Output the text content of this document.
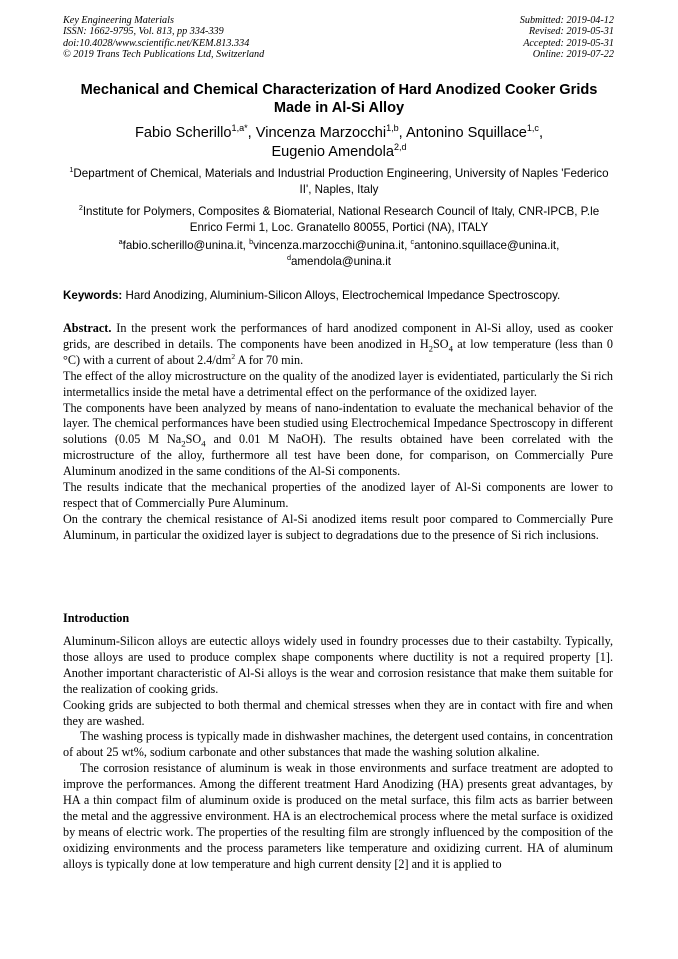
Key Engineering Materials
ISSN: 1662-9795, Vol. 813, pp 334-339
doi:10.4028/www.scientific.net/KEM.813.334
© 2019 Trans Tech Publications Ltd, Switzerland
Submitted: 2019-04-12
Revised: 2019-05-31
Accepted: 2019-05-31
Online: 2019-07-22
Mechanical and Chemical Characterization of Hard Anodized Cooker Grids Made in Al-Si Alloy
Fabio Scherillo$^{1,a*}$, Vincenza Marzocchi$^{1,b}$, Antonino Squillace$^{1,c}$,
Eugenio Amendola$^{2,d}$
$^1$Department of Chemical, Materials and Industrial Production Engineering, University of Naples 'Federico II', Naples, Italy
$^2$Institute for Polymers, Composites & Biomaterial, National Research Council of Italy, CNR-IPCB, P.le Enrico Fermi 1, Loc. Granatello 80055, Portici (NA), ITALY
$^a$fabio.scherillo@unina.it, $^b$vincenza.marzocchi@unina.it, $^c$antonino.squillace@unina.it,
$^d$amendola@unina.it
Keywords: Hard Anodizing, Aluminium-Silicon Alloys, Electrochemical Impedance Spectroscopy.

Abstract. In the present work the performances of hard anodized component in Al-Si alloy, used as cooker grids, are described in details. The components have been anodized in $H_2SO_4$ at low temperature (less than 0 °C) with a current of about $2.4/dm^2$ A for 70 min.

The effect of the alloy microstructure on the quality of the anodized layer is evidentiated, particularly the Si rich intermetallics inside the metal have a detrimental effect on the performance of the oxidized layer.

The components have been analyzed by means of nano-indentation to evaluate the mechanical behavior of the layer. The chemical performances have been studied using Electrochemical Impedance Spectroscopy in different solutions (0.05 M $Na_2SO_4$ and 0.01 M NaOH). The results obtained have been correlated with the microstructure of the alloy, furthermore all test have been done, for comparison, on Commercially Pure Aluminum anodized in the same conditions of the Al-Si components.

The results indicate that the mechanical properties of the anodized layer of Al-Si components are lower to respect that of Commercially Pure Aluminum.

On the contrary the chemical resistance of Al-Si anodized items result poor compared to Commercially Pure Aluminum, in particular the oxidized layer is subject to degradations due to the presence of Si rich inclusions.

Introduction

Aluminum-Silicon alloys are eutectic alloys widely used in foundry processes due to their castabilty. Typically, those alloys are used to produce complex shape components where ductility is not a required property [1]. Another important characteristic of Al-Si alloys is the wear and corrosion resistance that make them suitable for the realization of cooking grids.

Cooking grids are subjected to both thermal and chemical stresses when they are in contact with fire and when they are washed.

The washing process is typically made in dishwasher machines, the detergent used contains, in concentration of about 25 wt%, sodium carbonate and other substances that made the washing solution alkaline.

The corrosion resistance of aluminum is weak in those environments and surface treatment are adopted to improve the performances. Among the different treatment Hard Anodizing (HA) presents great advantages, by HA a thin compact film of aluminum oxide is produced on the metal surface, this film acts as barrier between the metal and the aggressive environment. HA is an electrochemical process where the metal surface is oxidized by means of electric work. The properties of the resulting film are strongly influenced by the composition of the oxidizing environments and the process parameters like temperature and oxidizing current. HA of aluminum alloys is typically done at low temperature and high current density [2] and it is applied to
